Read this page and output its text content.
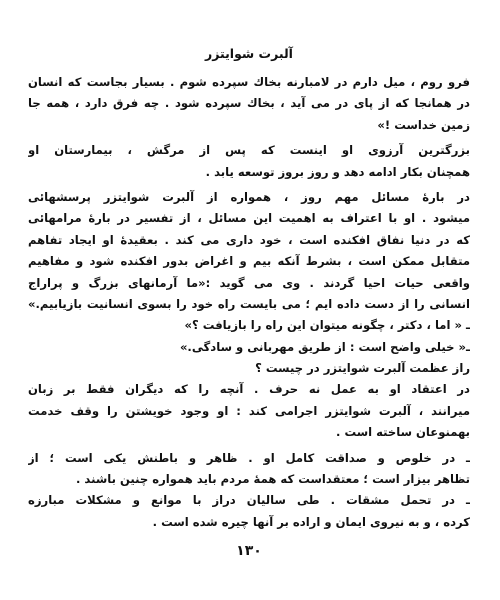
آلبرت شوایتزر
فرو روم ، میل دارم در لامبارنه بخاك سپرده شوم . بسیار بجاست که انسان
در همانجا که از پای در می آید ، بخاك سپرده شود . چه فرق دارد ، همه جا
زمین خداست !»
بزرگترین آرزوی او اینست که پس از مرگش ، بیمارستان او
همچنان بکار ادامه دهد و روز بروز توسعه یابد .
در بارهٔ مسائل مهم روز ، همواره از آلبرت شوایتزر پرسشهائی
میشود . او با اعتراف به اهمیت این مسائل ، از تفسیر در بارهٔ مرامهائی
که در دنیا نفاق افکنده است ، خود داری می کند . بعقیدهٔ او ایجاد تفاهم
متقابل ممکن است ، بشرط آنکه بیم و اغراض بدور افکنده شود و مفاهیم
واقعی حیات احیا گردند . وی می گوید :«ما آرمانهای بزرگ و پراراج
انسانی را از دست داده ایم ؛ می بایست راه خود را بسوی انسانیت بازیابیم.»
ـ « اما ، دکتر ، چگونه میتوان این راه را بازیافت ؟»
ـ« خیلی واضح است : از طریق مهربانی و سادگی.»
راز عظمت آلبرت شوایتزر در چیست ؟
در اعتقاد او به عمل نه حرف . آنچه را که دیگران فقط بر زبان
میرانند ، آلبرت شوایتزر اجرامی کند : او وجود خویشتن را وقف خدمت
بهمنوعان ساخته است .
ـ در خلوص و صداقت کامل او . ظاهر و باطنش یکی است ؛ از
تظاهر بیزار است ؛ معتقداست که همهٔ مردم باید همواره چنین باشند .
ـ در تحمل مشقات . طی سالیان دراز با موانع و مشکلات مبارزه
کرده ، و به نیروی ایمان و اراده بر آنها چیره شده است .
١٣٠
